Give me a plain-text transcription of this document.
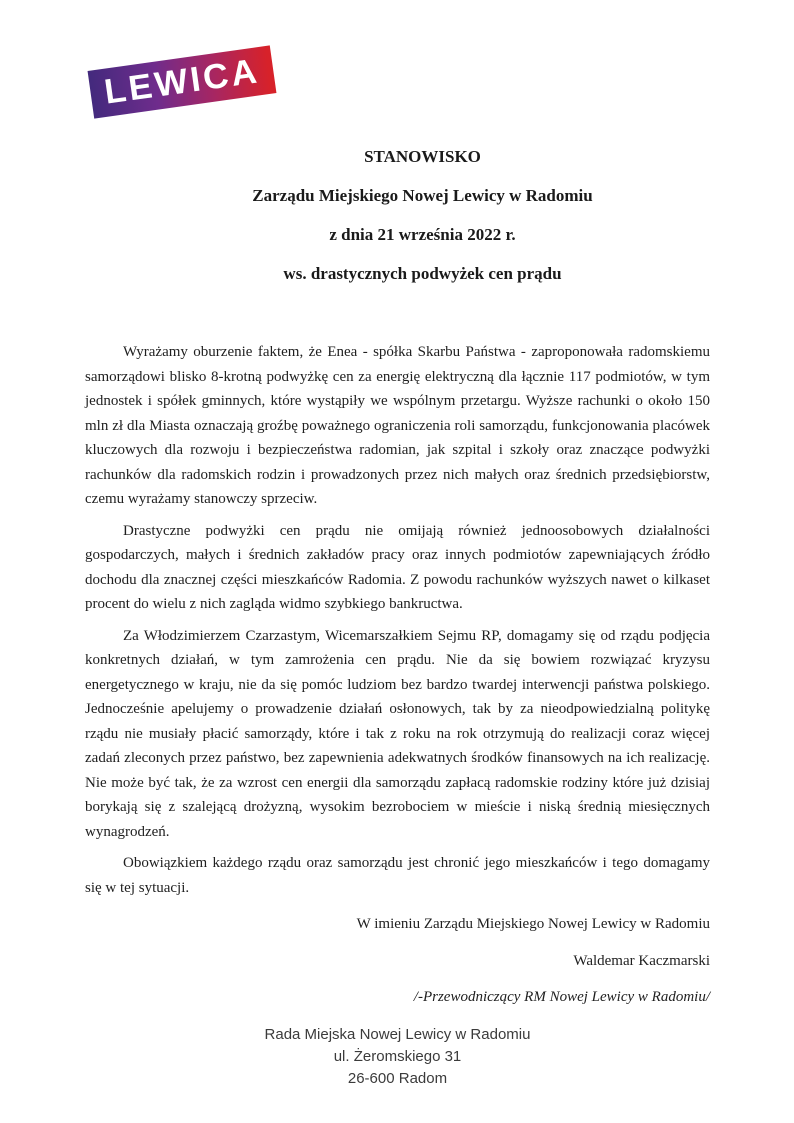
LEWICA

STANOWISKO

Zarządu Miejskiego Nowej Lewicy w Radomiu

z dnia 21 września 2022 r.

ws. drastycznych podwyżek cen prądu

Wyrażamy oburzenie faktem, że Enea - spółka Skarbu Państwa - zaproponowała radomskiemu samorządowi blisko 8-krotną podwyżkę cen za energię elektryczną dla łącznie 117 podmiotów, w tym jednostek i spółek gminnych, które wystąpiły we wspólnym przetargu. Wyższe rachunki o około 150 mln zł dla Miasta oznaczają groźbę poważnego ograniczenia roli samorządu, funkcjonowania placówek kluczowych dla rozwoju i bezpieczeństwa radomian, jak szpital i szkoły oraz znaczące podwyżki rachunków dla radomskich rodzin i prowadzonych przez nich małych oraz średnich przedsiębiorstw, czemu wyrażamy stanowczy sprzeciw.

Drastyczne podwyżki cen prądu nie omijają również jednoosobowych działalności gospodarczych, małych i średnich zakładów pracy oraz innych podmiotów zapewniających źródło dochodu dla znacznej części mieszkańców Radomia. Z powodu rachunków wyższych nawet o kilkaset procent do wielu z nich zagląda widmo szybkiego bankructwa.

Za Włodzimierzem Czarzastym, Wicemarszałkiem Sejmu RP, domagamy się od rządu podjęcia konkretnych działań, w tym zamrożenia cen prądu. Nie da się bowiem rozwiązać kryzysu energetycznego w kraju, nie da się pomóc ludziom bez bardzo twardej interwencji państwa polskiego. Jednocześnie apelujemy o prowadzenie działań osłonowych, tak by za nieodpowiedzialną politykę rządu nie musiały płacić samorządy, które i tak z roku na rok otrzymują do realizacji coraz więcej zadań zleconych przez państwo, bez zapewnienia adekwatnych środków finansowych na ich realizację. Nie może być tak, że za wzrost cen energii dla samorządu zapłacą radomskie rodziny które już dzisiaj borykają się z szalejącą drożyzną, wysokim bezrobociem w mieście i niską średnią miesięcznych wynagrodzeń.

Obowiązkiem każdego rządu oraz samorządu jest chronić jego mieszkańców i tego domagamy się w tej sytuacji.

W imieniu Zarządu Miejskiego Nowej Lewicy w Radomiu

Waldemar Kaczmarski

/-Przewodniczący RM Nowej Lewicy w Radomiu/

Rada Miejska Nowej Lewicy w Radomiu
ul. Żeromskiego 31
26-600 Radom
